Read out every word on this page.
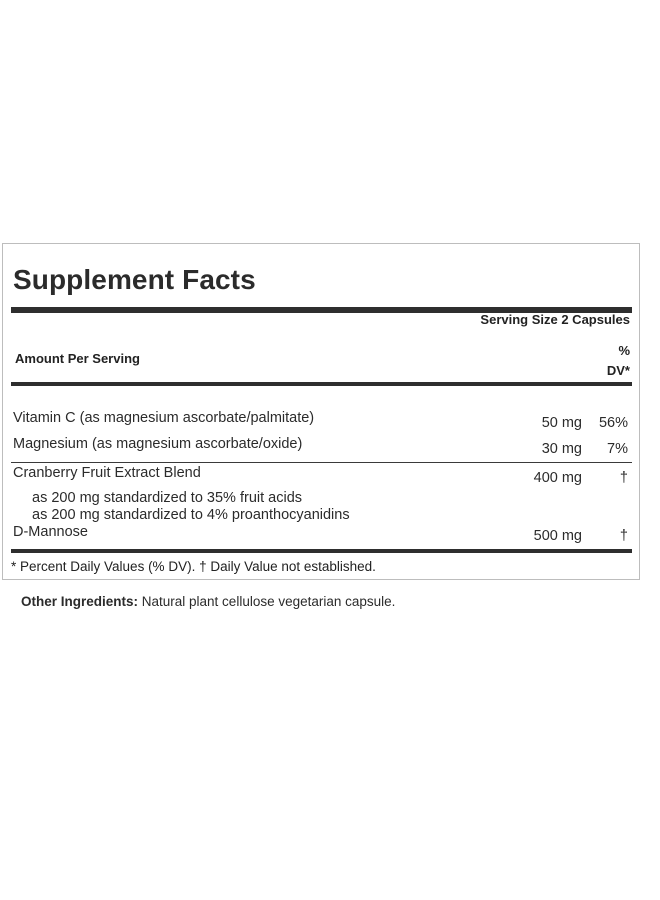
Supplement Facts
Serving Size 2 Capsules
Amount Per Serving
%
DV*
Vitamin C (as magnesium ascorbate/palmitate)	50 mg 56%
Magnesium (as magnesium ascorbate/oxide)	30 mg 7%
Cranberry Fruit Extract Blend	400 mg	†
as 200 mg standardized to 35% fruit acids
as 200 mg standardized to 4% proanthocyanidins
D-Mannose	500 mg	†
* Percent Daily Values (% DV). † Daily Value not established.
Other Ingredients: Natural plant cellulose vegetarian capsule.
